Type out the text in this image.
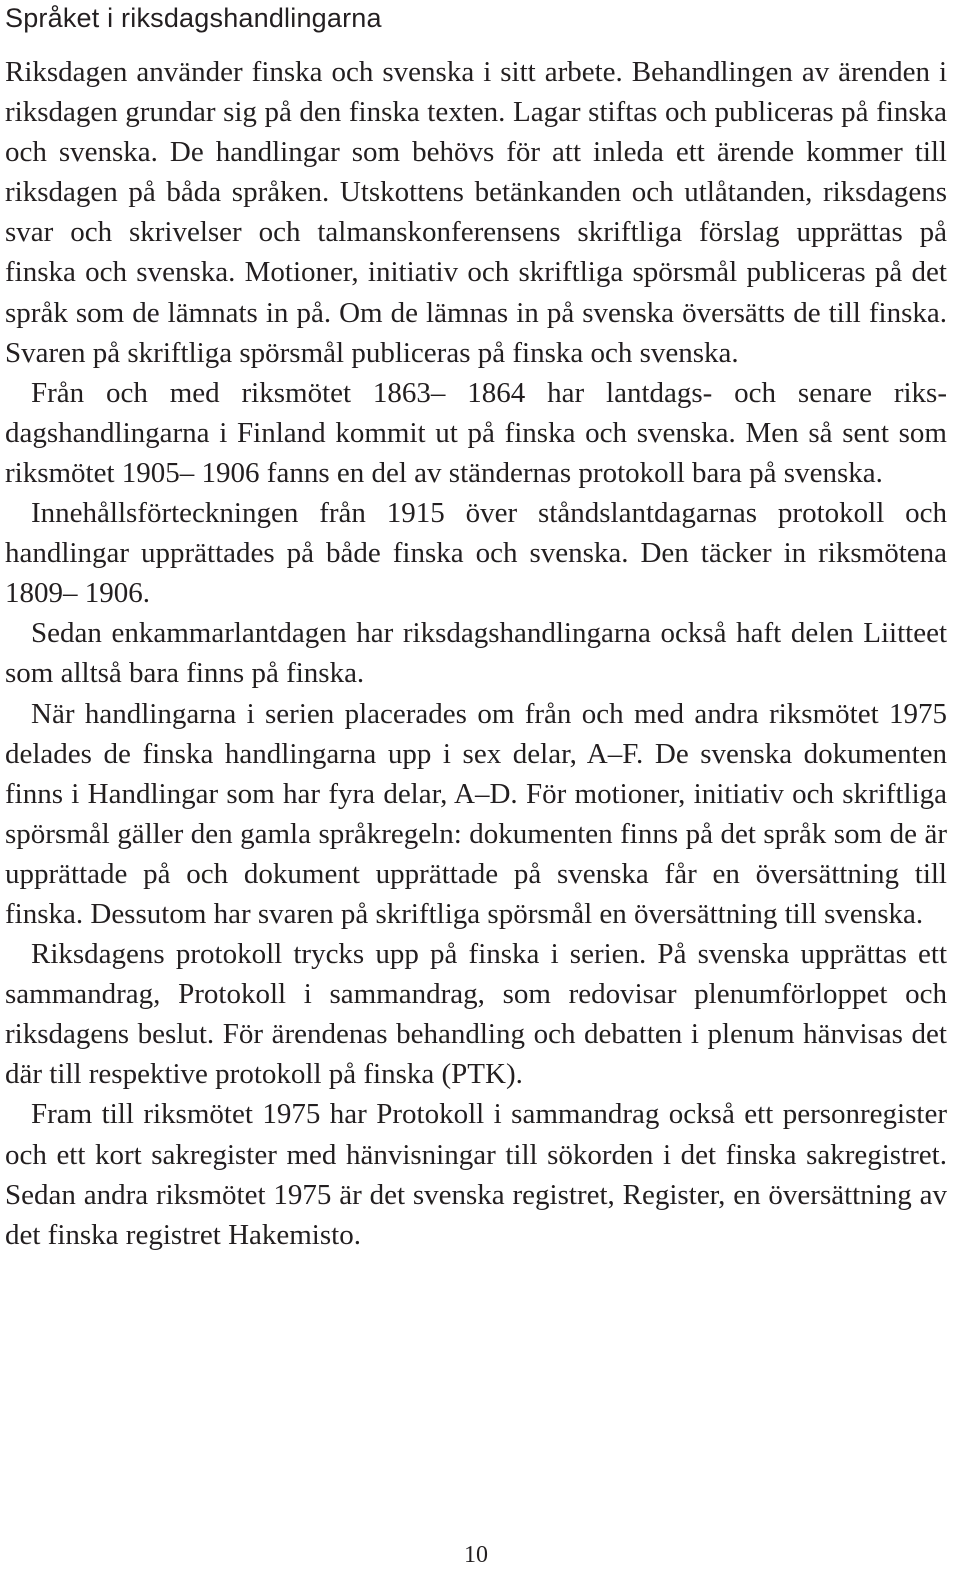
Språket i riksdagshandlingarna

Riksdagen använder finska och svenska i sitt arbete. Behandlingen av ärenden i riksdagen grundar sig på den finska texten. Lagar stiftas och publiceras på finska och svenska. De handlingar som behövs för att inleda ett ärende kommer till riksdagen på båda språken. Utskottens betänkanden och utlåtanden, riksdagens svar och skrivelser och talmanskonferensens skriftliga förslag upprättas på finska och svenska. Motioner, initiativ och skriftliga spörsmål publiceras på det språk som de lämnats in på. Om de lämnas in på svenska översätts de till finska. Svaren på skriftliga spörsmål publiceras på finska och svenska.

Från och med riksmötet 1863– 1864 har lantdags- och senare riksdagshandlingarna i Finland kommit ut på finska och svenska. Men så sent som riksmötet 1905– 1906 fanns en del av ständernas protokoll bara på svenska.

Innehållsförteckningen från 1915 över ståndslantdagarnas protokoll och handlingar upprättades på både finska och svenska. Den täcker in riksmötena 1809– 1906.

Sedan enkammarlantdagen har riksdagshandlingarna också haft delen Liitteet som alltså bara finns på finska.

När handlingarna i serien placerades om från och med andra riksmötet 1975 delades de finska handlingarna upp i sex delar, A–F. De svenska dokumenten finns i Handlingar som har fyra delar, A–D. För motioner, initiativ och skriftliga spörsmål gäller den gamla språkregeln: dokumenten finns på det språk som de är upprättade på och dokument upprättade på svenska får en översättning till finska. Dessutom har svaren på skriftliga spörsmål en översättning till svenska.

Riksdagens protokoll trycks upp på finska i serien. På svenska upprättas ett sammandrag, Protokoll i sammandrag, som redovisar plenumförloppet och riksdagens beslut. För ärendenas behandling och debatten i plenum hänvisas det där till respektive protokoll på finska (PTK).

Fram till riksmötet 1975 har Protokoll i sammandrag också ett personregister och ett kort sakregister med hänvisningar till sökorden i det finska sakregistret. Sedan andra riksmötet 1975 är det svenska registret, Register, en översättning av det finska registret Hakemisto.

10
